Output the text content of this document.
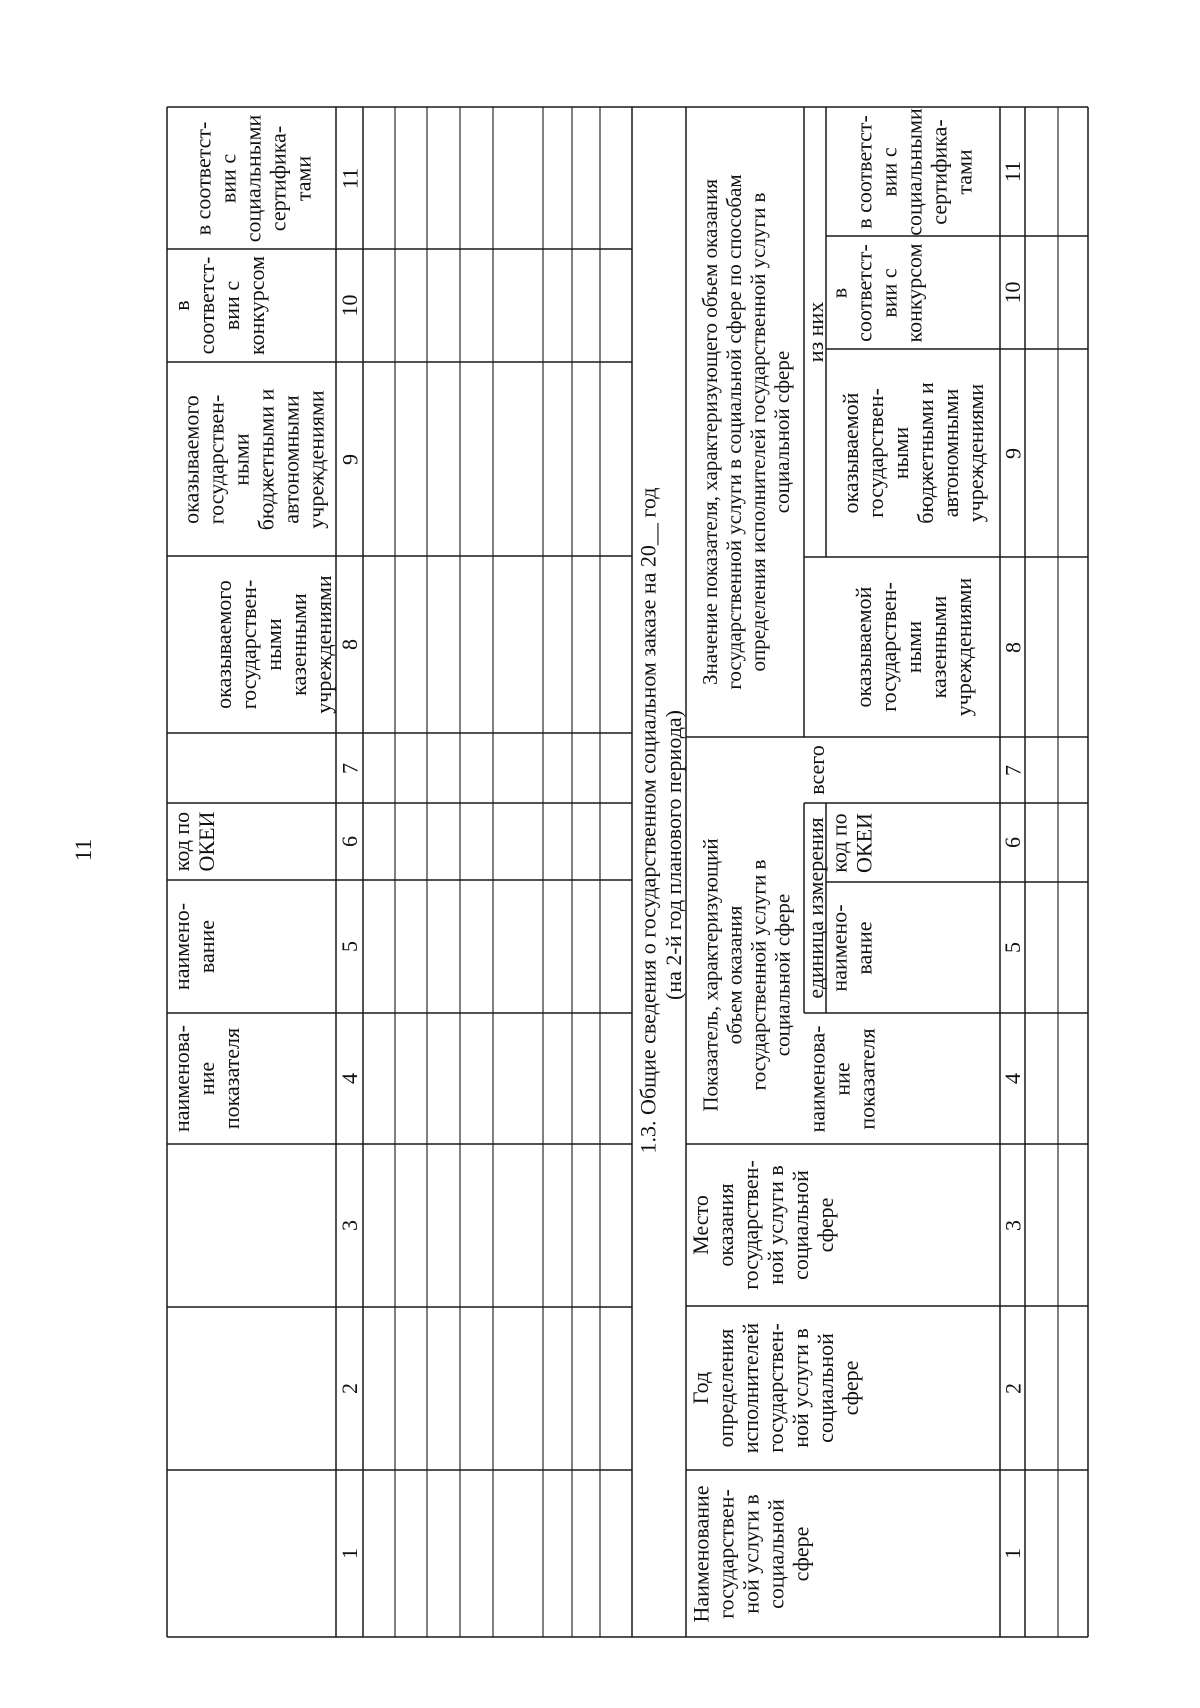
11
в соответст-
вии с
социальными
сертифика-
тами
в соответст-
вии с
конкурсом
оказываемого
государствен-
ными
бюджетными и
автономными
учреждениями
оказываемого
государствен-
ными
казенными
учреждениями
код по
ОКЕИ
наимено-
вание
наименова-
ние
показателя
1
2
3
4
5
6
7
8
9
10
11
1.3. Общие сведения о государственном социальном заказе на 20__ год (на 2-й год планового периода)
Значение показателя, характеризующего объем оказания
государственной услуги в социальной сфере по способам
определения исполнителей государственной услуги в
социальной сфере
из них
всего
в соответст-
вии с
социальными
сертифика-
тами
в соответст-
вии с
конкурсом
оказываемой
государствен-
ными
бюджетными и
автономными
учреждениями
оказываемой
государствен-
ными
казенными
учреждениями
Показатель, характеризующий
объем оказания
государственной услуги в
социальной сфере единица измерения
код по
ОКЕИ
наимено-
вание
наименова-
ние
показателя
Место
оказания
государствен-
ной услуги в
социальной
сфере
Год
определения
исполнителей
государствен-
ной услуги в
социальной
сфере
Наименование
государствен-
ной услуги в
социальной
сфере	1
2
3
4
5
6
7
8
9
10
11
